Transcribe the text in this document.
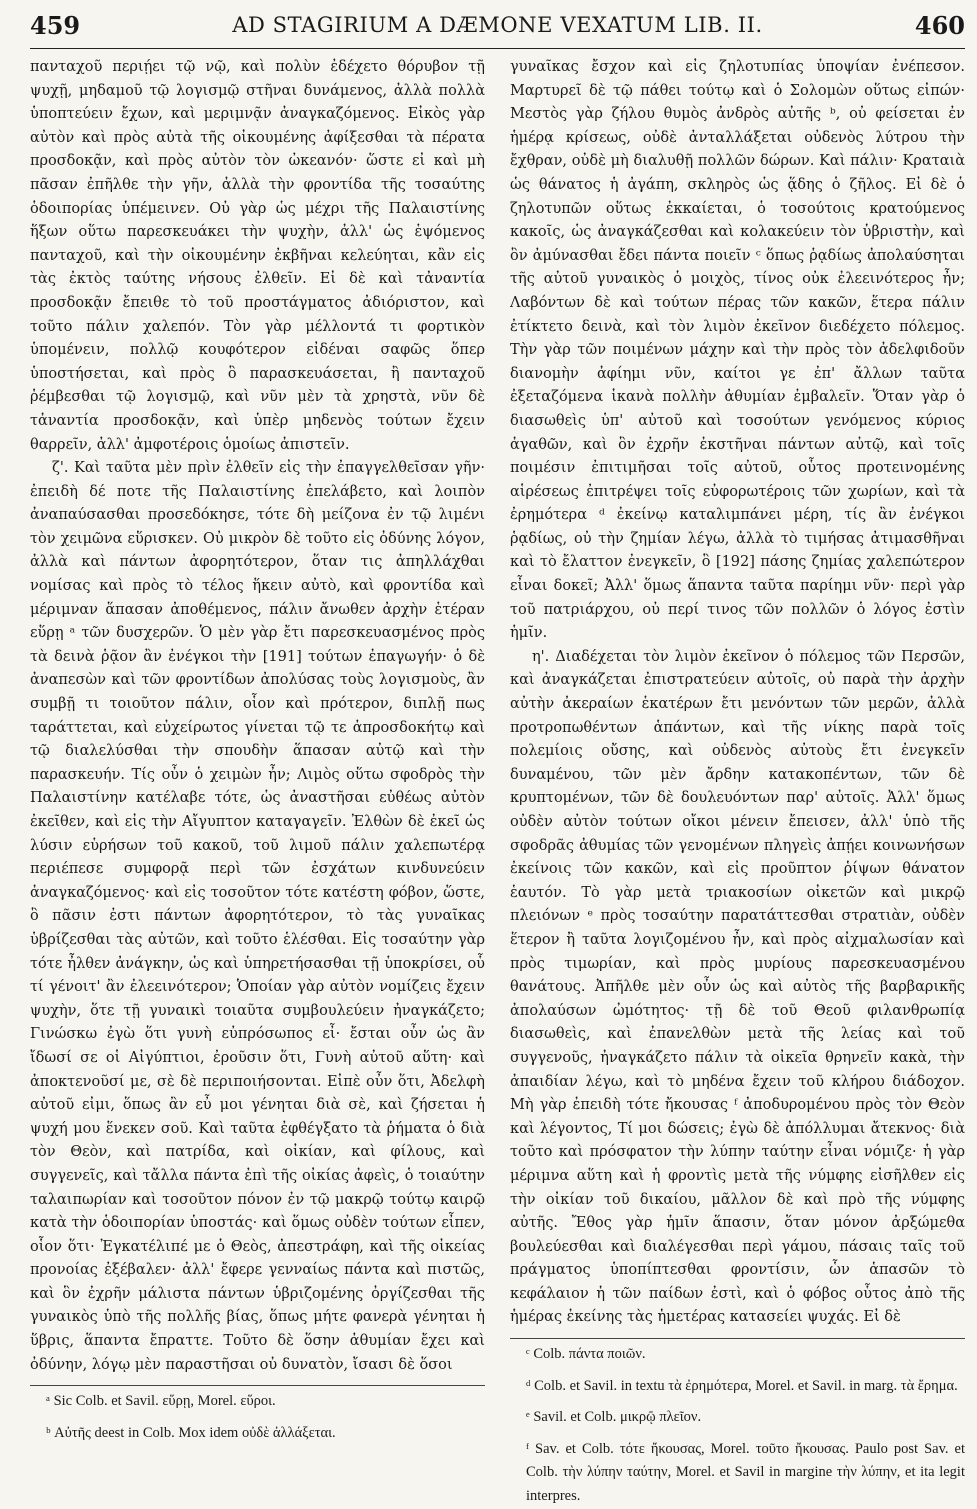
459	AD STAGIRIUM A DÆMONE VEXATUM LIB. II.	460

πανταχοῦ περιῄει τῷ νῷ, καὶ πολὺν ἐδέχετο θόρυβον τῇ ψυχῇ, μηδαμοῦ τῷ λογισμῷ στῆναι δυνάμενος, ἀλλὰ πολλὰ ὑποπτεύειν ἔχων, καὶ μεριμνᾷν ἀναγκαζόμενος. Εἰκὸς γὰρ αὐτὸν καὶ πρὸς αὐτὰ τῆς οἰκουμένης ἀφίξεσθαι τὰ πέρατα προσδοκᾷν, καὶ πρὸς αὐτὸν τὸν ὠκεανόν· ὥστε εἰ καὶ μὴ πᾶσαν ἐπῆλθε τὴν γῆν, ἀλλὰ τὴν φροντίδα τῆς τοσαύτης ὁδοιπορίας ὑπέμεινεν. Οὐ γὰρ ὡς μέχρι τῆς Παλαιστίνης ἥξων οὕτω παρεσκευάκει τὴν ψυχὴν, ἀλλ' ὡς ἑψόμενος πανταχοῦ, καὶ τὴν οἰκουμένην ἐκβῆναι κελεύηται, κἂν εἰς τὰς ἐκτὸς ταύτης νήσους ἐλθεῖν. Εἰ δὲ καὶ τἀναντία προσδοκᾷν ἔπειθε τὸ τοῦ προστάγματος ἀδιόριστον, καὶ τοῦτο πάλιν χαλεπόν. Τὸν γὰρ μέλλοντά τι φορτικὸν ὑπομένειν, πολλῷ κουφότερον εἰδέναι σαφῶς ὅπερ ὑποστήσεται, καὶ πρὸς ὃ παρασκευάσεται, ἢ πανταχοῦ ῥέμβεσθαι τῷ λογισμῷ, καὶ νῦν μὲν τὰ χρηστὰ, νῦν δὲ τἀναντία προσδοκᾷν, καὶ ὑπὲρ μηδενὸς τούτων ἔχειν θαρρεῖν, ἀλλ' ἀμφοτέροις ὁμοίως ἀπιστεῖν.

ζ'. Καὶ ταῦτα μὲν πρὶν ἐλθεῖν εἰς τὴν ἐπαγγελθεῖσαν γῆν· ἐπειδὴ δέ ποτε τῆς Παλαιστίνης ἐπελάβετο, καὶ λοιπὸν ἀναπαύσασθαι προσεδόκησε, τότε δὴ μείζονα ἐν τῷ λιμένι τὸν χειμῶνα εὕρισκεν. Οὐ μικρὸν δὲ τοῦτο εἰς ὀδύνης λόγον, ἀλλὰ καὶ πάντων ἀφορητότερον, ὅταν τις ἀπηλλάχθαι νομίσας καὶ πρὸς τὸ τέλος ἥκειν αὐτὸ, καὶ φροντίδα καὶ μέριμναν ἅπασαν ἀποθέμενος, πάλιν ἄνωθεν ἀρχὴν ἑτέραν εὕρῃ ᵃ τῶν δυσχερῶν. Ὁ μὲν γὰρ ἔτι παρεσκευασμένος πρὸς τὰ δεινὰ ῥᾷον ἂν ἐνέγκοι τὴν [191] τούτων ἐπαγωγήν· ὁ δὲ ἀναπεσὼν καὶ τῶν φροντίδων ἀπολύσας τοὺς λογισμοὺς, ἂν συμβῇ τι τοιοῦτον πάλιν, οἷον καὶ πρότερον, διπλῇ πως ταράττεται, καὶ εὐχείρωτος γίνεται τῷ τε ἀπροσδοκήτῳ καὶ τῷ διαλελύσθαι τὴν σπουδὴν ἅπασαν αὐτῷ καὶ τὴν παρασκευήν. Τίς οὖν ὁ χειμὼν ἦν; Λιμὸς οὕτω σφοδρὸς τὴν Παλαιστίνην κατέλαβε τότε, ὡς ἀναστῆσαι εὐθέως αὐτὸν ἐκεῖθεν, καὶ εἰς τὴν Αἴγυπτον καταγαγεῖν. Ἐλθὼν δὲ ἐκεῖ ὡς λύσιν εὑρήσων τοῦ κακοῦ, τοῦ λιμοῦ πάλιν χαλεπωτέρᾳ περιέπεσε συμφορᾷ περὶ τῶν ἐσχάτων κινδυνεύειν ἀναγκαζόμενος· καὶ εἰς τοσοῦτον τότε κατέστη φόβον, ὥστε, ὃ πᾶσιν ἐστι πάντων ἀφορητότερον, τὸ τὰς γυναῖκας ὑβρίζεσθαι τὰς αὐτῶν, καὶ τοῦτο ἑλέσθαι. Εἰς τοσαύτην γὰρ τότε ἦλθεν ἀνάγκην, ὡς καὶ ὑπηρετήσασθαι τῇ ὑποκρίσει, οὗ τί γένοιτ' ἂν ἐλεεινότερον; Ὁποίαν γὰρ αὐτὸν νομίζεις ἔχειν ψυχὴν, ὅτε τῇ γυναικὶ τοιαῦτα συμβουλεύειν ἠναγκάζετο; Γινώσκω ἐγὼ ὅτι γυνὴ εὐπρόσωπος εἶ· ἔσται οὖν ὡς ἂν ἴδωσί σε οἱ Αἰγύπτιοι, ἐροῦσιν ὅτι, Γυνὴ αὐτοῦ αὕτη· καὶ ἀποκτενοῦσί με, σὲ δὲ περιποιήσονται. Εἰπὲ οὖν ὅτι, Ἀδελφὴ αὐτοῦ εἰμι, ὅπως ἂν εὖ μοι γένηται διὰ σὲ, καὶ ζήσεται ἡ ψυχή μου ἕνεκεν σοῦ. Καὶ ταῦτα ἐφθέγξατο τὰ ῥήματα ὁ διὰ τὸν Θεὸν, καὶ πατρίδα, καὶ οἰκίαν, καὶ φίλους, καὶ συγγενεῖς, καὶ τἄλλα πάντα ἐπὶ τῆς οἰκίας ἀφεὶς, ὁ τοιαύτην ταλαιπωρίαν καὶ τοσοῦτον πόνον ἐν τῷ μακρῷ τούτῳ καιρῷ κατὰ τὴν ὁδοιπορίαν ὑποστάς· καὶ ὅμως οὐδὲν τούτων εἶπεν, οἷον ὅτι· Ἐγκατέλιπέ με ὁ Θεὸς, ἀπεστράφη, καὶ τῆς οἰκείας προνοίας ἐξέβαλεν· ἀλλ' ἔφερε γενναίως πάντα καὶ πιστῶς, καὶ ὃν ἐχρῆν μάλιστα πάντων ὑβριζομένης ὀργίζεσθαι τῆς γυναικὸς ὑπὸ τῆς πολλῆς βίας, ὅπως μήτε φανερὰ γένηται ἡ ὕβρις, ἅπαντα ἔπραττε. Τοῦτο δὲ ὅσην ἀθυμίαν ἔχει καὶ ὀδύνην, λόγῳ μὲν παραστῆσαι οὐ δυνατὸν, ἴσασι δὲ ὅσοι

ᵃ Sic Colb. et Savil. εὕρῃ, Morel. εὕροι.

ᵇ Αὐτῆς deest in Colb. Mox idem οὐδὲ ἀλλάξεται.

γυναῖκας ἔσχον καὶ εἰς ζηλοτυπίας ὑποψίαν ἐνέπεσον. Μαρτυρεῖ δὲ τῷ πάθει τούτῳ καὶ ὁ Σολομὼν οὕτως εἰπών· Μεστὸς γὰρ ζήλου θυμὸς ἀνδρὸς αὐτῆς ᵇ, οὐ φείσεται ἐν ἡμέρᾳ κρίσεως, οὐδὲ ἀνταλλάξεται οὐδενὸς λύτρου τὴν ἔχθραν, οὐδὲ μὴ διαλυθῇ πολλῶν δώρων. Καὶ πάλιν· Κραταιὰ ὡς θάνατος ἡ ἀγάπη, σκληρὸς ὡς ᾅδης ὁ ζῆλος. Εἰ δὲ ὁ ζηλοτυπῶν οὕτως ἐκκαίεται, ὁ τοσούτοις κρατούμενος κακοῖς, ὡς ἀναγκάζεσθαι καὶ κολακεύειν τὸν ὑβριστὴν, καὶ ὃν ἀμύνασθαι ἔδει πάντα ποιεῖν ᶜ ὅπως ῥᾳδίως ἀπολαύσηται τῆς αὐτοῦ γυναικὸς ὁ μοιχὸς, τίνος οὐκ ἐλεεινότερος ἦν; Λαβόντων δὲ καὶ τούτων πέρας τῶν κακῶν, ἕτερα πάλιν ἐτίκτετο δεινὰ, καὶ τὸν λιμὸν ἐκεῖνον διεδέχετο πόλεμος. Τὴν γὰρ τῶν ποιμένων μάχην καὶ τὴν πρὸς τὸν ἀδελφιδοῦν διανομὴν ἀφίημι νῦν, καίτοι γε ἐπ' ἄλλων ταῦτα ἐξεταζόμενα ἱκανὰ πολλὴν ἀθυμίαν ἐμβαλεῖν. Ὅταν γὰρ ὁ διασωθεὶς ὑπ' αὐτοῦ καὶ τοσούτων γενόμενος κύριος ἀγαθῶν, καὶ ὃν ἐχρῆν ἐκστῆναι πάντων αὐτῷ, καὶ τοῖς ποιμέσιν ἐπιτιμῆσαι τοῖς αὐτοῦ, οὗτος προτεινομένης αἱρέσεως ἐπιτρέψει τοῖς εὐφορωτέροις τῶν χωρίων, καὶ τὰ ἐρημότερα ᵈ ἐκείνῳ καταλιμπάνει μέρη, τίς ἂν ἐνέγκοι ῥᾳδίως, οὐ τὴν ζημίαν λέγω, ἀλλὰ τὸ τιμήσας ἀτιμασθῆναι καὶ τὸ ἔλαττον ἐνεγκεῖν, ὃ [192] πάσης ζημίας χαλεπώτερον εἶναι δοκεῖ; Ἀλλ' ὅμως ἅπαντα ταῦτα παρίημι νῦν· περὶ γὰρ τοῦ πατριάρχου, οὐ περί τινος τῶν πολλῶν ὁ λόγος ἐστὶν ἡμῖν.

η'. Διαδέχεται τὸν λιμὸν ἐκεῖνον ὁ πόλεμος τῶν Περσῶν, καὶ ἀναγκάζεται ἐπιστρατεύειν αὐτοῖς, οὐ παρὰ τὴν ἀρχὴν αὐτὴν ἀκεραίων ἑκατέρων ἔτι μενόντων τῶν μερῶν, ἀλλὰ προτροπωθέντων ἁπάντων, καὶ τῆς νίκης παρὰ τοῖς πολεμίοις οὔσης, καὶ οὐδενὸς αὐτοὺς ἔτι ἐνεγκεῖν δυναμένου, τῶν μὲν ἄρδην κατακοπέντων, τῶν δὲ κρυπτομένων, τῶν δὲ δουλευόντων παρ' αὐτοῖς. Ἀλλ' ὅμως οὐδὲν αὐτὸν τούτων οἴκοι μένειν ἔπεισεν, ἀλλ' ὑπὸ τῆς σφοδρᾶς ἀθυμίας τῶν γενομένων πληγεὶς ἀπῄει κοινωνήσων ἐκείνοις τῶν κακῶν, καὶ εἰς προῦπτον ῥίψων θάνατον ἑαυτόν. Τὸ γὰρ μετὰ τριακοσίων οἰκετῶν καὶ μικρῷ πλειόνων ᵉ πρὸς τοσαύτην παρατάττεσθαι στρατιὰν, οὐδὲν ἕτερον ἢ ταῦτα λογιζομένου ἦν, καὶ πρὸς αἰχμαλωσίαν καὶ πρὸς τιμωρίαν, καὶ πρὸς μυρίους παρεσκευασμένου θανάτους. Ἀπῆλθε μὲν οὖν ὡς καὶ αὐτὸς τῆς βαρβαρικῆς ἀπολαύσων ὠμότητος· τῇ δὲ τοῦ Θεοῦ φιλανθρωπίᾳ διασωθεὶς, καὶ ἐπανελθὼν μετὰ τῆς λείας καὶ τοῦ συγγενοῦς, ἠναγκάζετο πάλιν τὰ οἰκεῖα θρηνεῖν κακὰ, τὴν ἀπαιδίαν λέγω, καὶ τὸ μηδένα ἔχειν τοῦ κλήρου διάδοχον. Μὴ γὰρ ἐπειδὴ τότε ἤκουσας ᶠ ἀποδυρομένου πρὸς τὸν Θεὸν καὶ λέγοντος, Τί μοι δώσεις; ἐγὼ δὲ ἀπόλλυμαι ἄτεκνος· διὰ τοῦτο καὶ πρόσφατον τὴν λύπην ταύτην εἶναι νόμιζε· ἡ γὰρ μέριμνα αὕτη καὶ ἡ φροντὶς μετὰ τῆς νύμφης εἰσῆλθεν εἰς τὴν οἰκίαν τοῦ δικαίου, μᾶλλον δὲ καὶ πρὸ τῆς νύμφης αὐτῆς. Ἔθος γὰρ ἡμῖν ἅπασιν, ὅταν μόνον ἀρξώμεθα βουλεύεσθαι καὶ διαλέγεσθαι περὶ γάμου, πάσαις ταῖς τοῦ πράγματος ὑποπίπτεσθαι φροντίσιν, ὧν ἁπασῶν τὸ κεφάλαιον ἡ τῶν παίδων ἐστὶ, καὶ ὁ φόβος οὗτος ἀπὸ τῆς ἡμέρας ἐκείνης τὰς ἡμετέρας κατασείει ψυχάς. Εἰ δὲ

ᶜ Colb. πάντα ποιῶν.

ᵈ Colb. et Savil. in textu τὰ ἐρημότερα, Morel. et Savil. in marg. τὰ ἔρημα.

ᵉ Savil. et Colb. μικρῷ πλεῖον.

ᶠ Sav. et Colb. τότε ἤκουσας, Morel. τοῦτο ἤκουσας. Paulo post Sav. et Colb. τὴν λύπην ταύτην, Morel. et Savil in margine τὴν λύπην, et ita legit interpres.
